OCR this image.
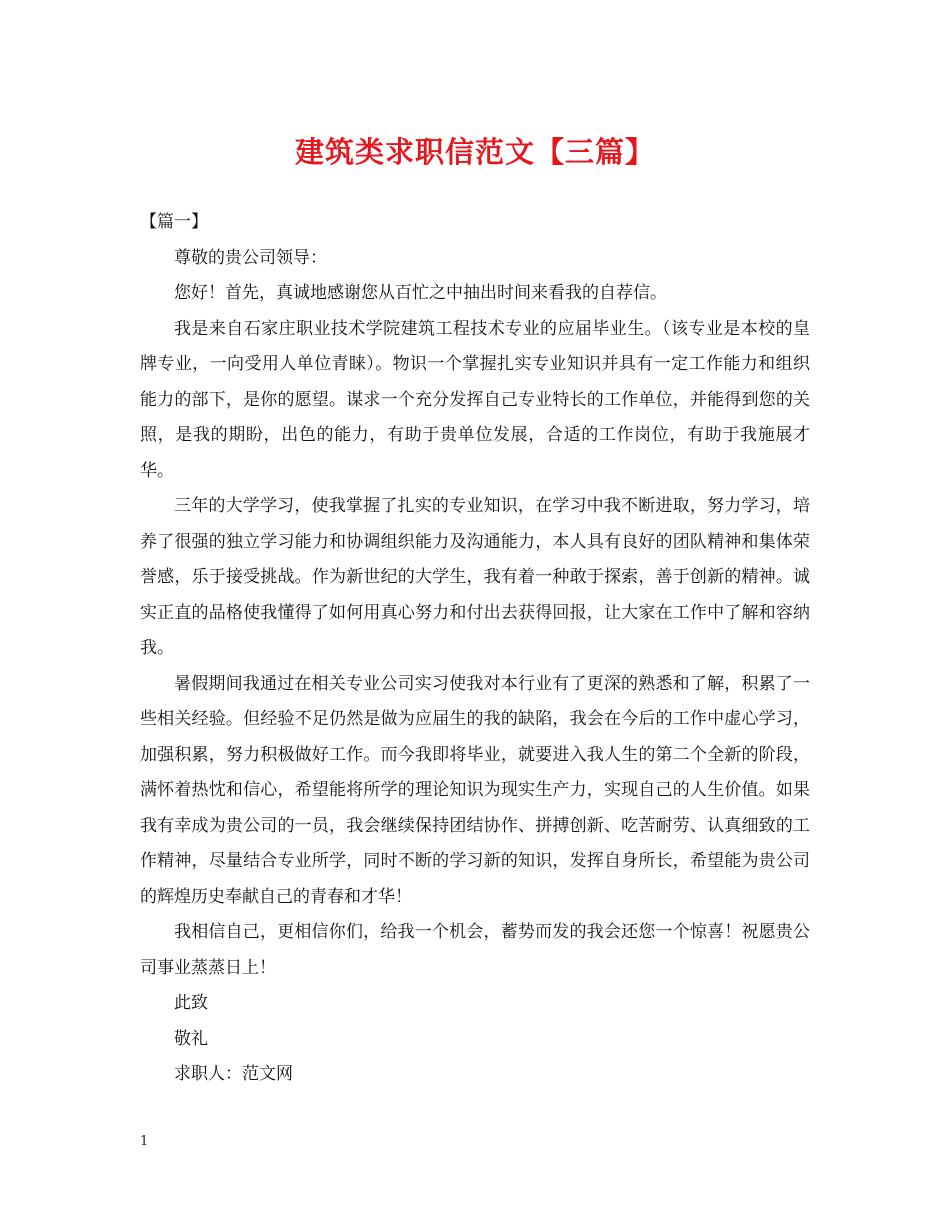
建筑类求职信范文【三篇】

【篇一】

尊敬的贵公司领导：

您好！首先，真诚地感谢您从百忙之中抽出时间来看我的自荐信。

我是来自石家庄职业技术学院建筑工程技术专业的应届毕业生。（该专业是本校的皇牌专业，一向受用人单位青睐）。物识一个掌握扎实专业知识并具有一定工作能力和组织能力的部下，是你的愿望。谋求一个充分发挥自己专业特长的工作单位，并能得到您的关照，是我的期盼，出色的能力，有助于贵单位发展，合适的工作岗位，有助于我施展才华。

三年的大学学习，使我掌握了扎实的专业知识，在学习中我不断进取，努力学习，培养了很强的独立学习能力和协调组织能力及沟通能力，本人具有良好的团队精神和集体荣誉感，乐于接受挑战。作为新世纪的大学生，我有着一种敢于探索，善于创新的精神。诚实正直的品格使我懂得了如何用真心努力和付出去获得回报，让大家在工作中了解和容纳我。

暑假期间我通过在相关专业公司实习使我对本行业有了更深的熟悉和了解，积累了一些相关经验。但经验不足仍然是做为应届生的我的缺陷，我会在今后的工作中虚心学习，加强积累，努力积极做好工作。而今我即将毕业，就要进入我人生的第二个全新的阶段，满怀着热忱和信心，希望能将所学的理论知识为现实生产力，实现自己的人生价值。如果我有幸成为贵公司的一员，我会继续保持团结协作、拼搏创新、吃苦耐劳、认真细致的工作精神，尽量结合专业所学，同时不断的学习新的知识，发挥自身所长，希望能为贵公司的辉煌历史奉献自己的青春和才华！

我相信自己，更相信你们，给我一个机会，蓄势而发的我会还您一个惊喜！祝愿贵公司事业蒸蒸日上！

此致

敬礼

求职人：范文网

1
